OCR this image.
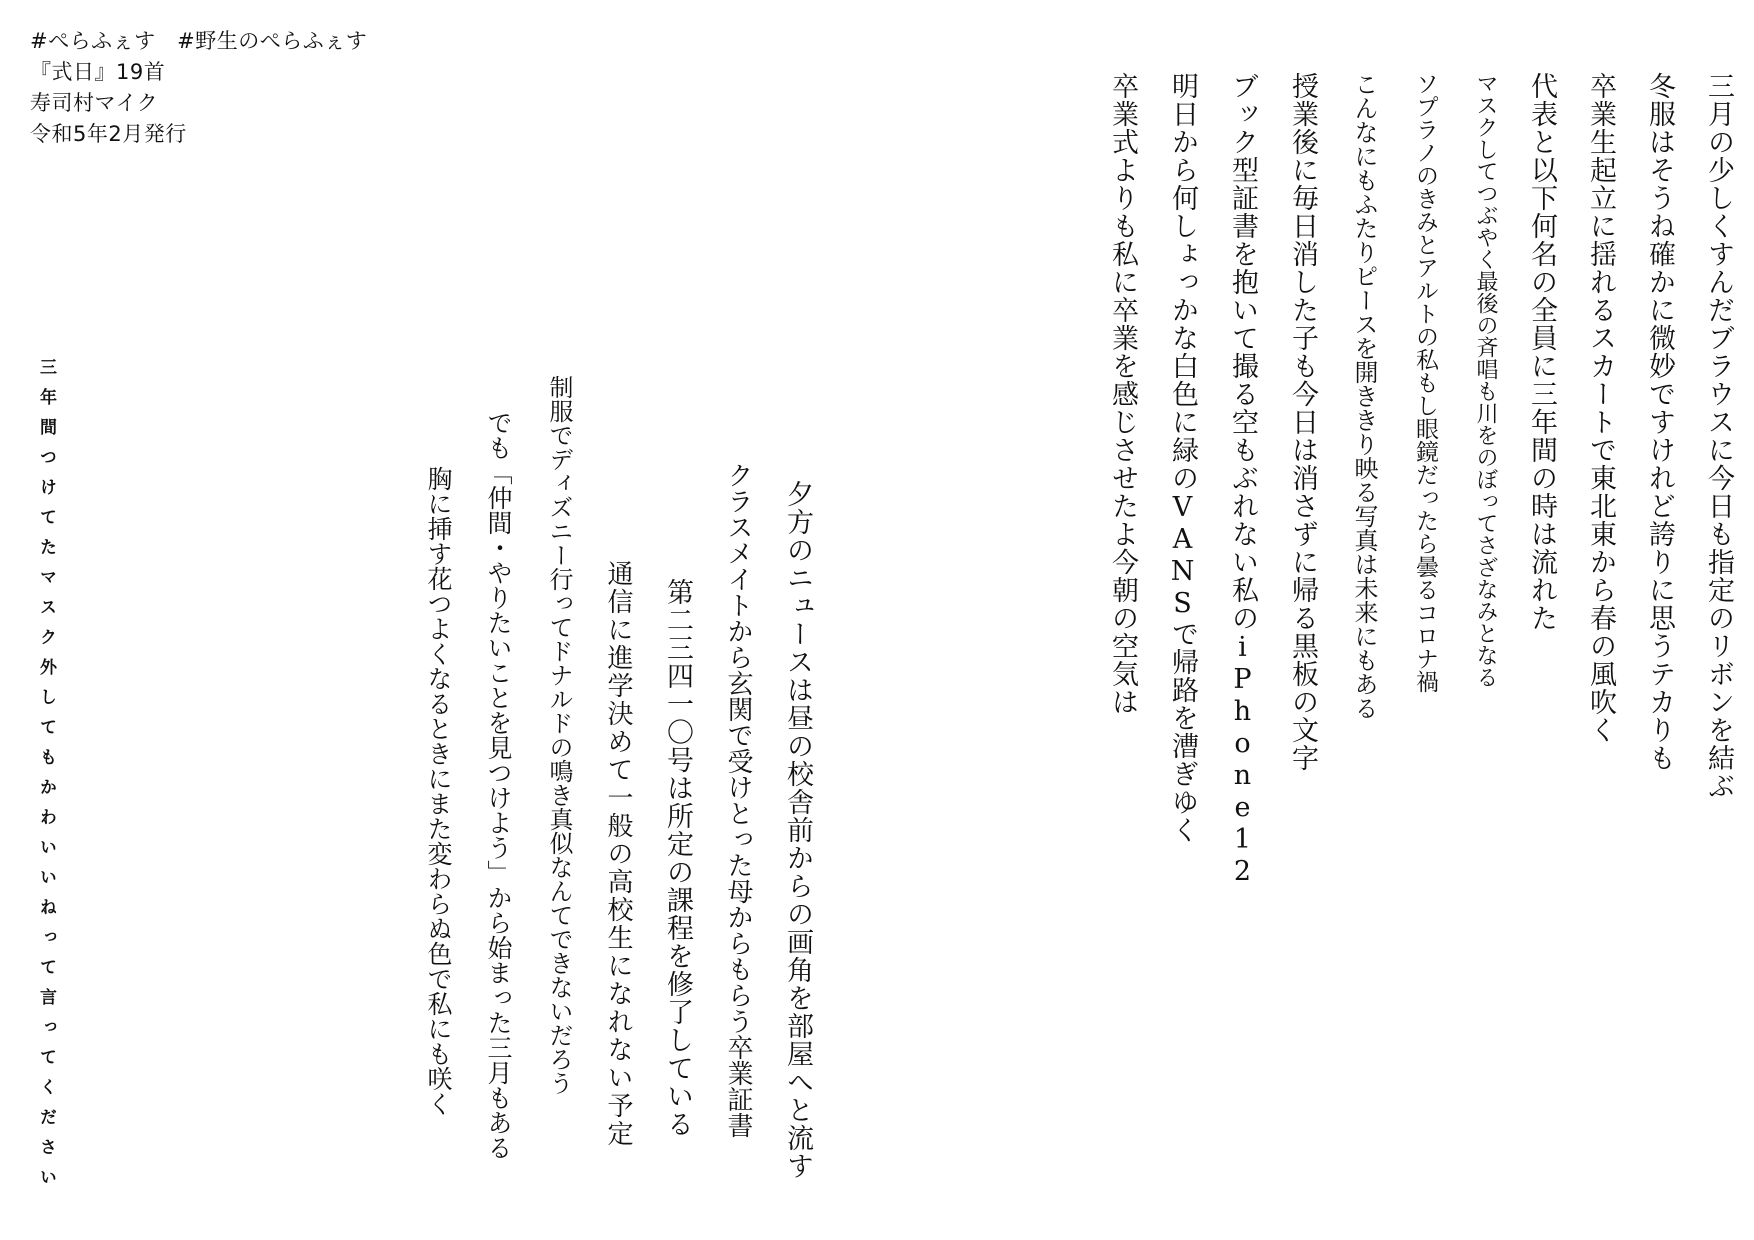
#ぺらふぇす　#野生のぺらふぇす
『式日』19首
寿司村マイク
令和5年2月発行
三年間つけてたマスク外してもかわいいねって言ってください	三月の少しくすんだブラウスに今日も指定のリボンを結ぶ
冬服はそうね確かに微妙ですけれど誇りに思うテカりも
卒業生起立に揺れるスカートで東北東から春の風吹く
代表と以下何名の全員に三年間の時は流れた
マスクしてつぶやく最後の斉唱も川をのぼってさざなみとなる
ソプラノのきみとアルトの私もし眼鏡だったら曇るコロナ禍
こんなにもふたりピースを開ききり映る写真は未来にもある
授業後に毎日消した子も今日は消さずに帰る黒板の文字
ブック型証書を抱いて撮る空もぶれない私のiPhone12
明日から何しょっかな白色に緑のVANSで帰路を漕ぎゆく
卒業式よりも私に卒業を感じさせたよ今朝の空気は
夕方のニュースは昼の校舎前からの画角を部屋へと流す
クラスメイトから玄関で受けとった母からもらう卒業証書
第二三四一〇号は所定の課程を修了している
通信に進学決めて一般の高校生になれない予定
制服でディズニー行ってドナルドの鳴き真似なんてできないだろう
でも「仲間・やりたいことを見つけよう」から始まった三月もある
胸に挿す花つよくなるときにまた変わらぬ色で私にも咲く
